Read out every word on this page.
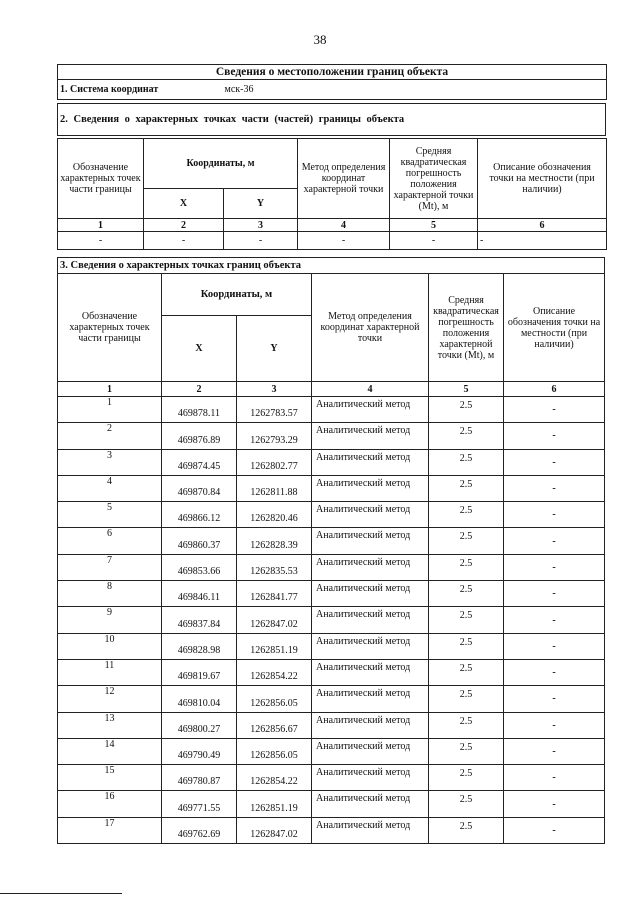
38
Сведения о местоположении границ объекта
1. Система координат	мск-36
2. Сведения о характерных точках части (частей) границы объекта
Обозначение характерных точек части границы	Координаты, м		Метод определения координат характерной точки	Средняя квадратическая погрешность положения характерной точки (Mt), м	Описание обозначения точки на местности (при наличии)
	X	Y			
1	2	3	4	5	6
-	-	-	-	-	-
3. Сведения о характерных точках границ объекта					
Обозначение характерных точек части границы	Координаты, м		Метод определения координат характерной точки	Средняя квадратическая погрешность положения характерной точки (Mt), м	Описание обозначения точки на местности (при наличии)
	X	Y			
1	2	3	4	5	6
1	469878.11	1262783.57	Аналитический метод	2.5	-
2	469876.89	1262793.29	Аналитический метод	2.5	-
3	469874.45	1262802.77	Аналитический метод	2.5	-
4	469870.84	1262811.88	Аналитический метод	2.5	-
5	469866.12	1262820.46	Аналитический метод	2.5	-
6	469860.37	1262828.39	Аналитический метод	2.5	-
7	469853.66	1262835.53	Аналитический метод	2.5	-
8	469846.11	1262841.77	Аналитический метод	2.5	-
9	469837.84	1262847.02	Аналитический метод	2.5	-
10	469828.98	1262851.19	Аналитический метод	2.5	-
11	469819.67	1262854.22	Аналитический метод	2.5	-
12	469810.04	1262856.05	Аналитический метод	2.5	-
13	469800.27	1262856.67	Аналитический метод	2.5	-
14	469790.49	1262856.05	Аналитический метод	2.5	-
15	469780.87	1262854.22	Аналитический метод	2.5	-
16	469771.55	1262851.19	Аналитический метод	2.5	-
17	469762.69	1262847.02	Аналитический метод	2.5	-
